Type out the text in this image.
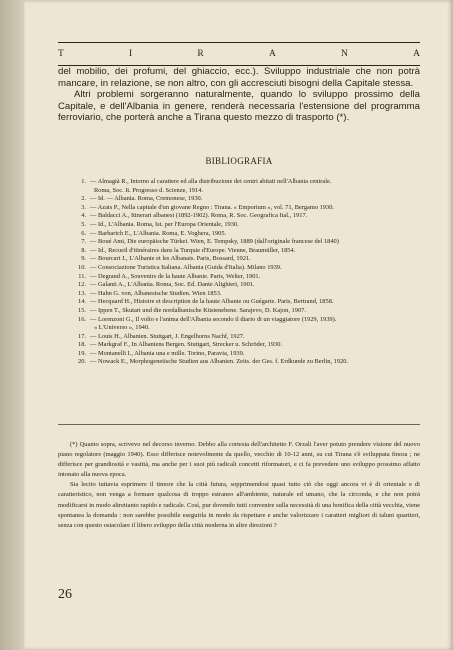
T	I	R	A	N	A

del mobilio, dei profumi, del ghiaccio, ecc.). Sviluppo industriale che non potrà mancare, in relazione, se non altro, con gli accresciuti bisogni della Capitale stessa.

Altri problemi sorgeranno naturalmente, quando lo sviluppo prossimo della Capitale, e dell'Albania in genere, renderà necessaria l'estensione del programma ferroviario, che porterà anche a Tirana questo mezzo di trasporto (*).

BIBLIOGRAFIA
1. — Almagià R., Intorno al carattere ed alla distribuzione dei centri abitati nell'Albania centrale.
Roma, Soc. It. Progresso d. Scienze, 1914.
2. — Id. — Albania. Roma, Cremonese, 1930.
3. — Azais P., Nella capitale d'un giovane Regno : Tirana. « Emporium », vol. 71, Bergamo 1930.
4. — Baldacci A., Itinerari albanesi (1892-1902). Roma, R. Soc. Geografica Ital., 1917.
5. — Id., L'Albania. Roma, Ist. per l'Europa Orientale, 1930.
6. — Barbarich E., L'Albania. Roma, E. Voghera, 1905.
7. — Boué Ami, Die europäische Türkei. Wien, E. Tempsky, 1889 (dall'originale francese del 1840)
8. — Id., Recueil d'itinéraires dans la Turquie d'Europe. Vienne, Braumüller, 1854.
9. — Bourcart J., L'Albanie et les Albanais. Paris, Bossard, 1921.
10. — Consociazione Turistica Italiana. Albania (Guida d'Italia). Milano 1939.
11. — Degrand A., Souvenirs de la haute Albanie. Paris, Welter, 1901.
12. — Galanti A., L'Albania. Roma, Soc. Ed. Dante Alighieri, 1901.
13. — Hahn G. von, Albanesische Studien. Wien 1853.
14. — Hecquard H., Histoire et description de la haute Albanie ou Guégarie. Paris, Bertrand, 1858.
15. — Ippen T., Skutari und die nordalbanische Küstenebene. Sarajevo, D. Kajon, 1907.
16. — Lorenzoni G., Il volto e l'anima dell'Albania secondo il diario di un viaggiatore (1929, 1939).
« L'Universo », 1940.
17. — Louis H., Albanien. Stuttgart, J. Engelhorns Nachf, 1927.
18. — Markgraf F., In Albaniens Bergen. Stuttgart, Strecker u. Schröder, 1930.
19. — Montanelli I., Albania una e mille. Torino, Paravia, 1939.
20. — Nowack E., Morphogenetische Studien aus Albanien. Zeits. der Ges. f. Erdkunde zu Berlin, 1920.

(*) Quanto sopra, scrivevo nel decorso inverno. Debbo alla cortesia dell'architetto F. Orzali l'aver potuto prendere visione del nuovo piano regolatore (maggio 1940). Esso differisce notevolmente da quello, vecchio di 10-12 anni, su cui Tirana s'è sviluppata finora ; ne differisce per grandiosità e vastità, ma anche per i suoi più radicali concetti riformatori, e ci fa prevedere uno sviluppo prossimo affatto intonato alla nuova epoca.

Sia lecito tuttavia esprimere il timore che la città futura, sopprimendosi quasi tutto ciò che oggi ancora vi è di orientale e di caratteristico, non venga a formare qualcosa di troppo estraneo all'ambiente, naturale ed umano, che la circonda, e che non potrà modificarsi in modo altrettanto rapido e radicale. Così, pur dovendo tutti convenire sulla necessità di una bonifica della città vecchia, viene spontanea la domanda : non sarebbe possibile eseguirla in modo da rispettare e anche valorizzare i caratteri migliori di taluni quartieri, senza con questo ostacolare il libero sviluppo della città moderna in altre direzioni ?

26
